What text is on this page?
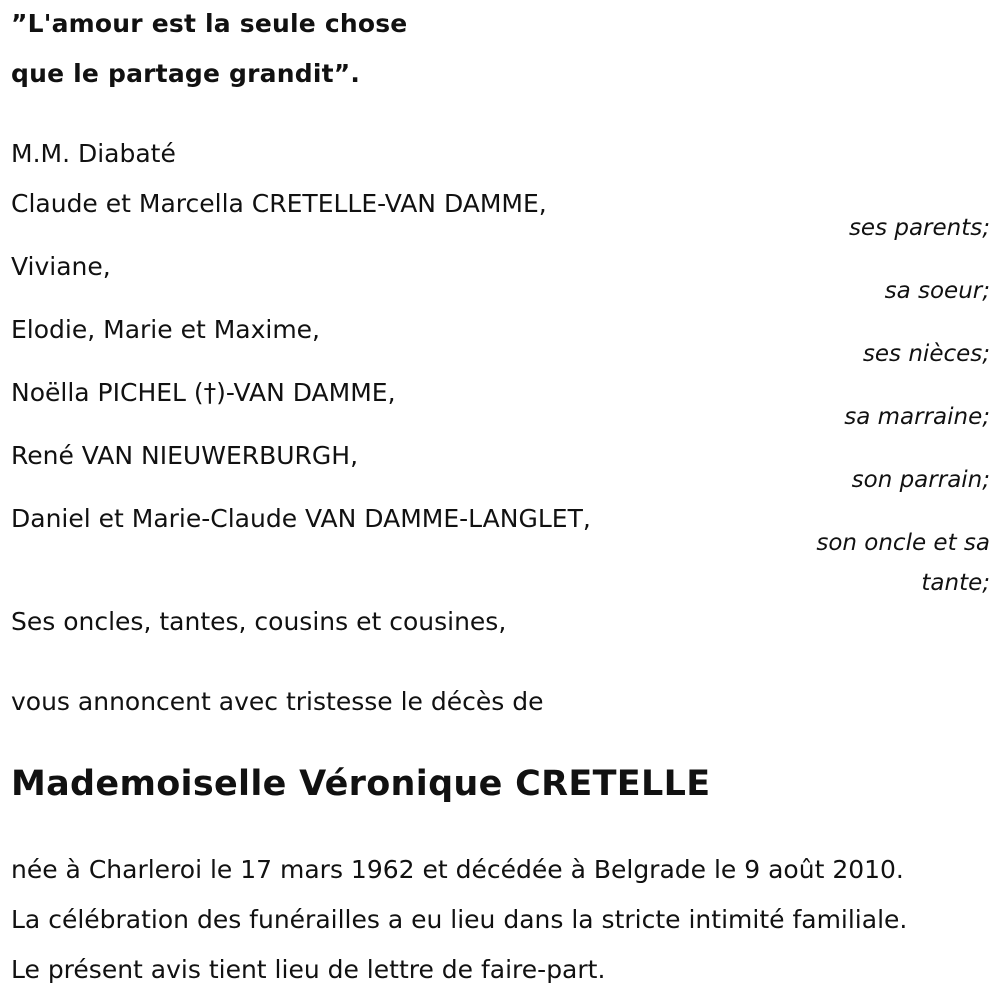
”L'amour est la seule chose
que le partage grandit”.
M.M. Diabaté
Claude et Marcella CRETELLE-VAN DAMME,
ses parents;
Viviane,
sa soeur;
Elodie, Marie et Maxime,
ses nièces;
Noëlla PICHEL (†)-VAN DAMME,
sa marraine;
René VAN NIEUWERBURGH,
son parrain;
Daniel et Marie-Claude VAN DAMME-LANGLET,
son oncle et sa
tante;
Ses oncles, tantes, cousins et cousines,
vous annoncent avec tristesse le décès de
Mademoiselle Véronique CRETELLE
née à Charleroi le 17 mars 1962 et décédée à Belgrade le 9 août 2010.
La célébration des funérailles a eu lieu dans la stricte intimité familiale.
Le présent avis tient lieu de lettre de faire-part.
